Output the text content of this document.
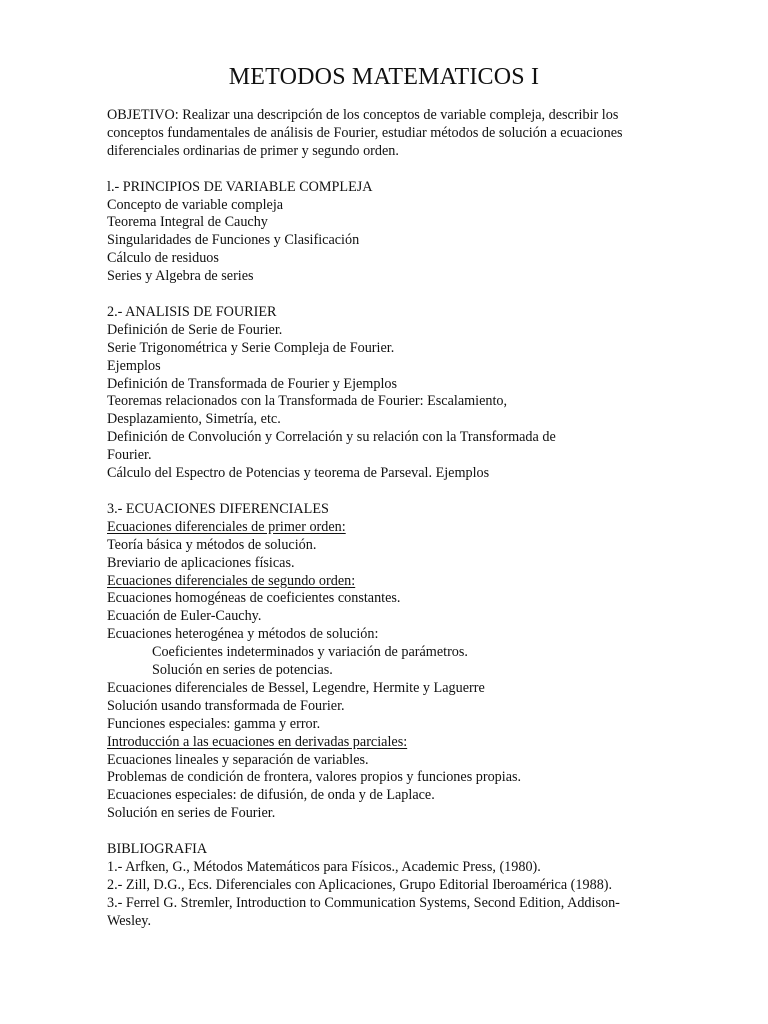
METODOS MATEMATICOS I
OBJETIVO: Realizar una descripción de los conceptos de variable compleja, describir los
conceptos fundamentales de análisis de Fourier, estudiar métodos de solución a ecuaciones
diferenciales ordinarias de primer y segundo orden.
l.- PRINCIPIOS DE VARIABLE COMPLEJA
Concepto de variable compleja
Teorema Integral de Cauchy
Singularidades de Funciones y Clasificación
Cálculo de residuos
Series y Algebra de series
2.- ANALISIS DE FOURIER
Definición de Serie de Fourier.
Serie Trigonométrica y Serie Compleja de Fourier.
Ejemplos
Definición de Transformada de Fourier y Ejemplos
Teoremas relacionados con la Transformada de Fourier: Escalamiento,
Desplazamiento, Simetría, etc.
Definición de Convolución y Correlación y su relación con la Transformada de
Fourier.
Cálculo del Espectro de Potencias y teorema de Parseval. Ejemplos
3.- ECUACIONES DIFERENCIALES
Ecuaciones diferenciales de primer orden:
Teoría básica y métodos de solución.
Breviario de aplicaciones físicas.
Ecuaciones diferenciales de segundo orden:
Ecuaciones homogéneas de coeficientes constantes.
Ecuación de Euler-Cauchy.
Ecuaciones heterogénea y métodos de solución:
Coeficientes indeterminados y variación de parámetros.
Solución en series de potencias.
Ecuaciones diferenciales de Bessel, Legendre, Hermite y Laguerre
Solución usando transformada de Fourier.
Funciones especiales: gamma y error.
Introducción a las ecuaciones en derivadas parciales:
Ecuaciones lineales y separación de variables.
Problemas de condición de frontera, valores propios y funciones propias.
Ecuaciones especiales: de difusión, de onda y de Laplace.
Solución en series de Fourier.
BIBLIOGRAFIA
1.- Arfken, G., Métodos Matemáticos para Físicos., Academic Press, (1980).
2.- Zill, D.G., Ecs. Diferenciales con Aplicaciones, Grupo Editorial Iberoamérica (1988).
3.- Ferrel G. Stremler, Introduction to Communication Systems, Second Edition, Addison-
Wesley.
